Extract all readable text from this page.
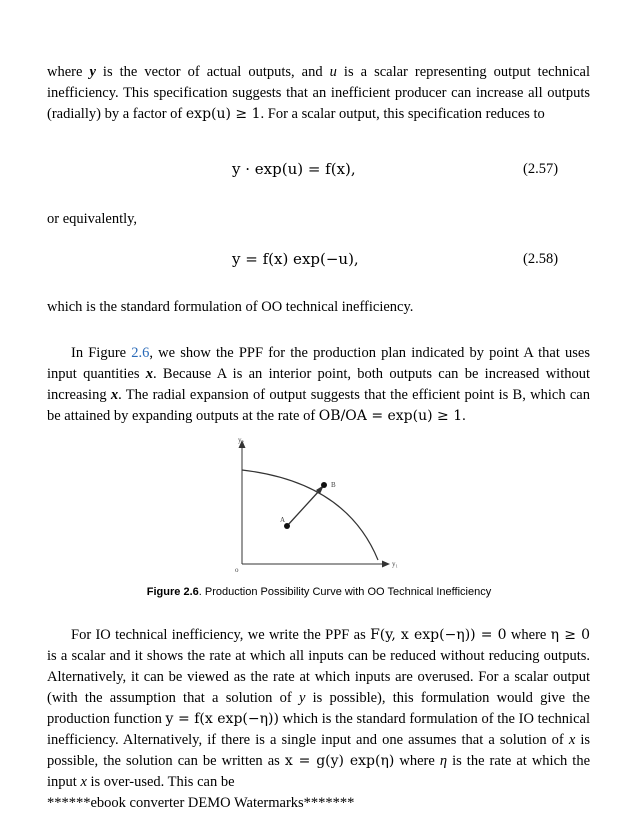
where y is the vector of actual outputs, and u is a scalar representing output technical inefficiency. This specification suggests that an inefficient producer can increase all outputs (radially) by a factor of exp(u) ≥ 1. For a scalar output, this specification reduces to

y · exp(u) = f(x),	(2.57)

or equivalently,

y = f(x) exp(−u),	(2.58)

which is the standard formulation of OO technical inefficiency.

In Figure 2.6, we show the PPF for the production plan indicated by point A that uses input quantities x. Because A is an interior point, both outputs can be increased without increasing x. The radial expansion of output suggests that the efficient point is B, which can be attained by expanding outputs at the rate of OB/OA = exp(u) ≥ 1.

y₂
y₁
o
A
B
Figure 2.6. Production Possibility Curve with OO Technical Inefficiency

For IO technical inefficiency, we write the PPF as F(y, x exp(−η)) = 0 where η ≥ 0 is a scalar and it shows the rate at which all inputs can be reduced without reducing outputs. Alternatively, it can be viewed as the rate at which inputs are overused. For a scalar output (with the assumption that a solution of y is possible), this formulation would give the production function y = f(x exp(−η)) which is the standard formulation of the IO technical inefficiency. Alternatively, if there is a single input and one assumes that a solution of x is possible, the solution can be written as x = g(y) exp(η) where η is the rate at which the input x is over-used. This can be
******ebook converter DEMO Watermarks*******
